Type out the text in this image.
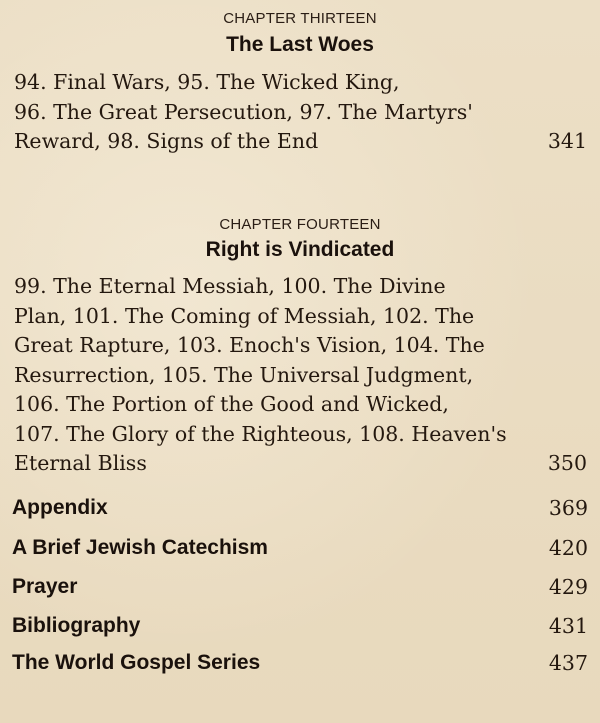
CHAPTER THIRTEEN
The Last Woes
94. Final Wars, 95. The Wicked King,
96. The Great Persecution, 97. The Martyrs'
Reward, 98. Signs of the End	341
CHAPTER FOURTEEN
Right is Vindicated
99. The Eternal Messiah, 100. The Divine
Plan, 101. The Coming of Messiah, 102. The
Great Rapture, 103. Enoch's Vision, 104. The
Resurrection, 105. The Universal Judgment,
106. The Portion of the Good and Wicked,
107. The Glory of the Righteous, 108. Heaven's
Eternal Bliss	350
Appendix	369
A Brief Jewish Catechism	420
Prayer	429
Bibliography	431
The World Gospel Series	437
